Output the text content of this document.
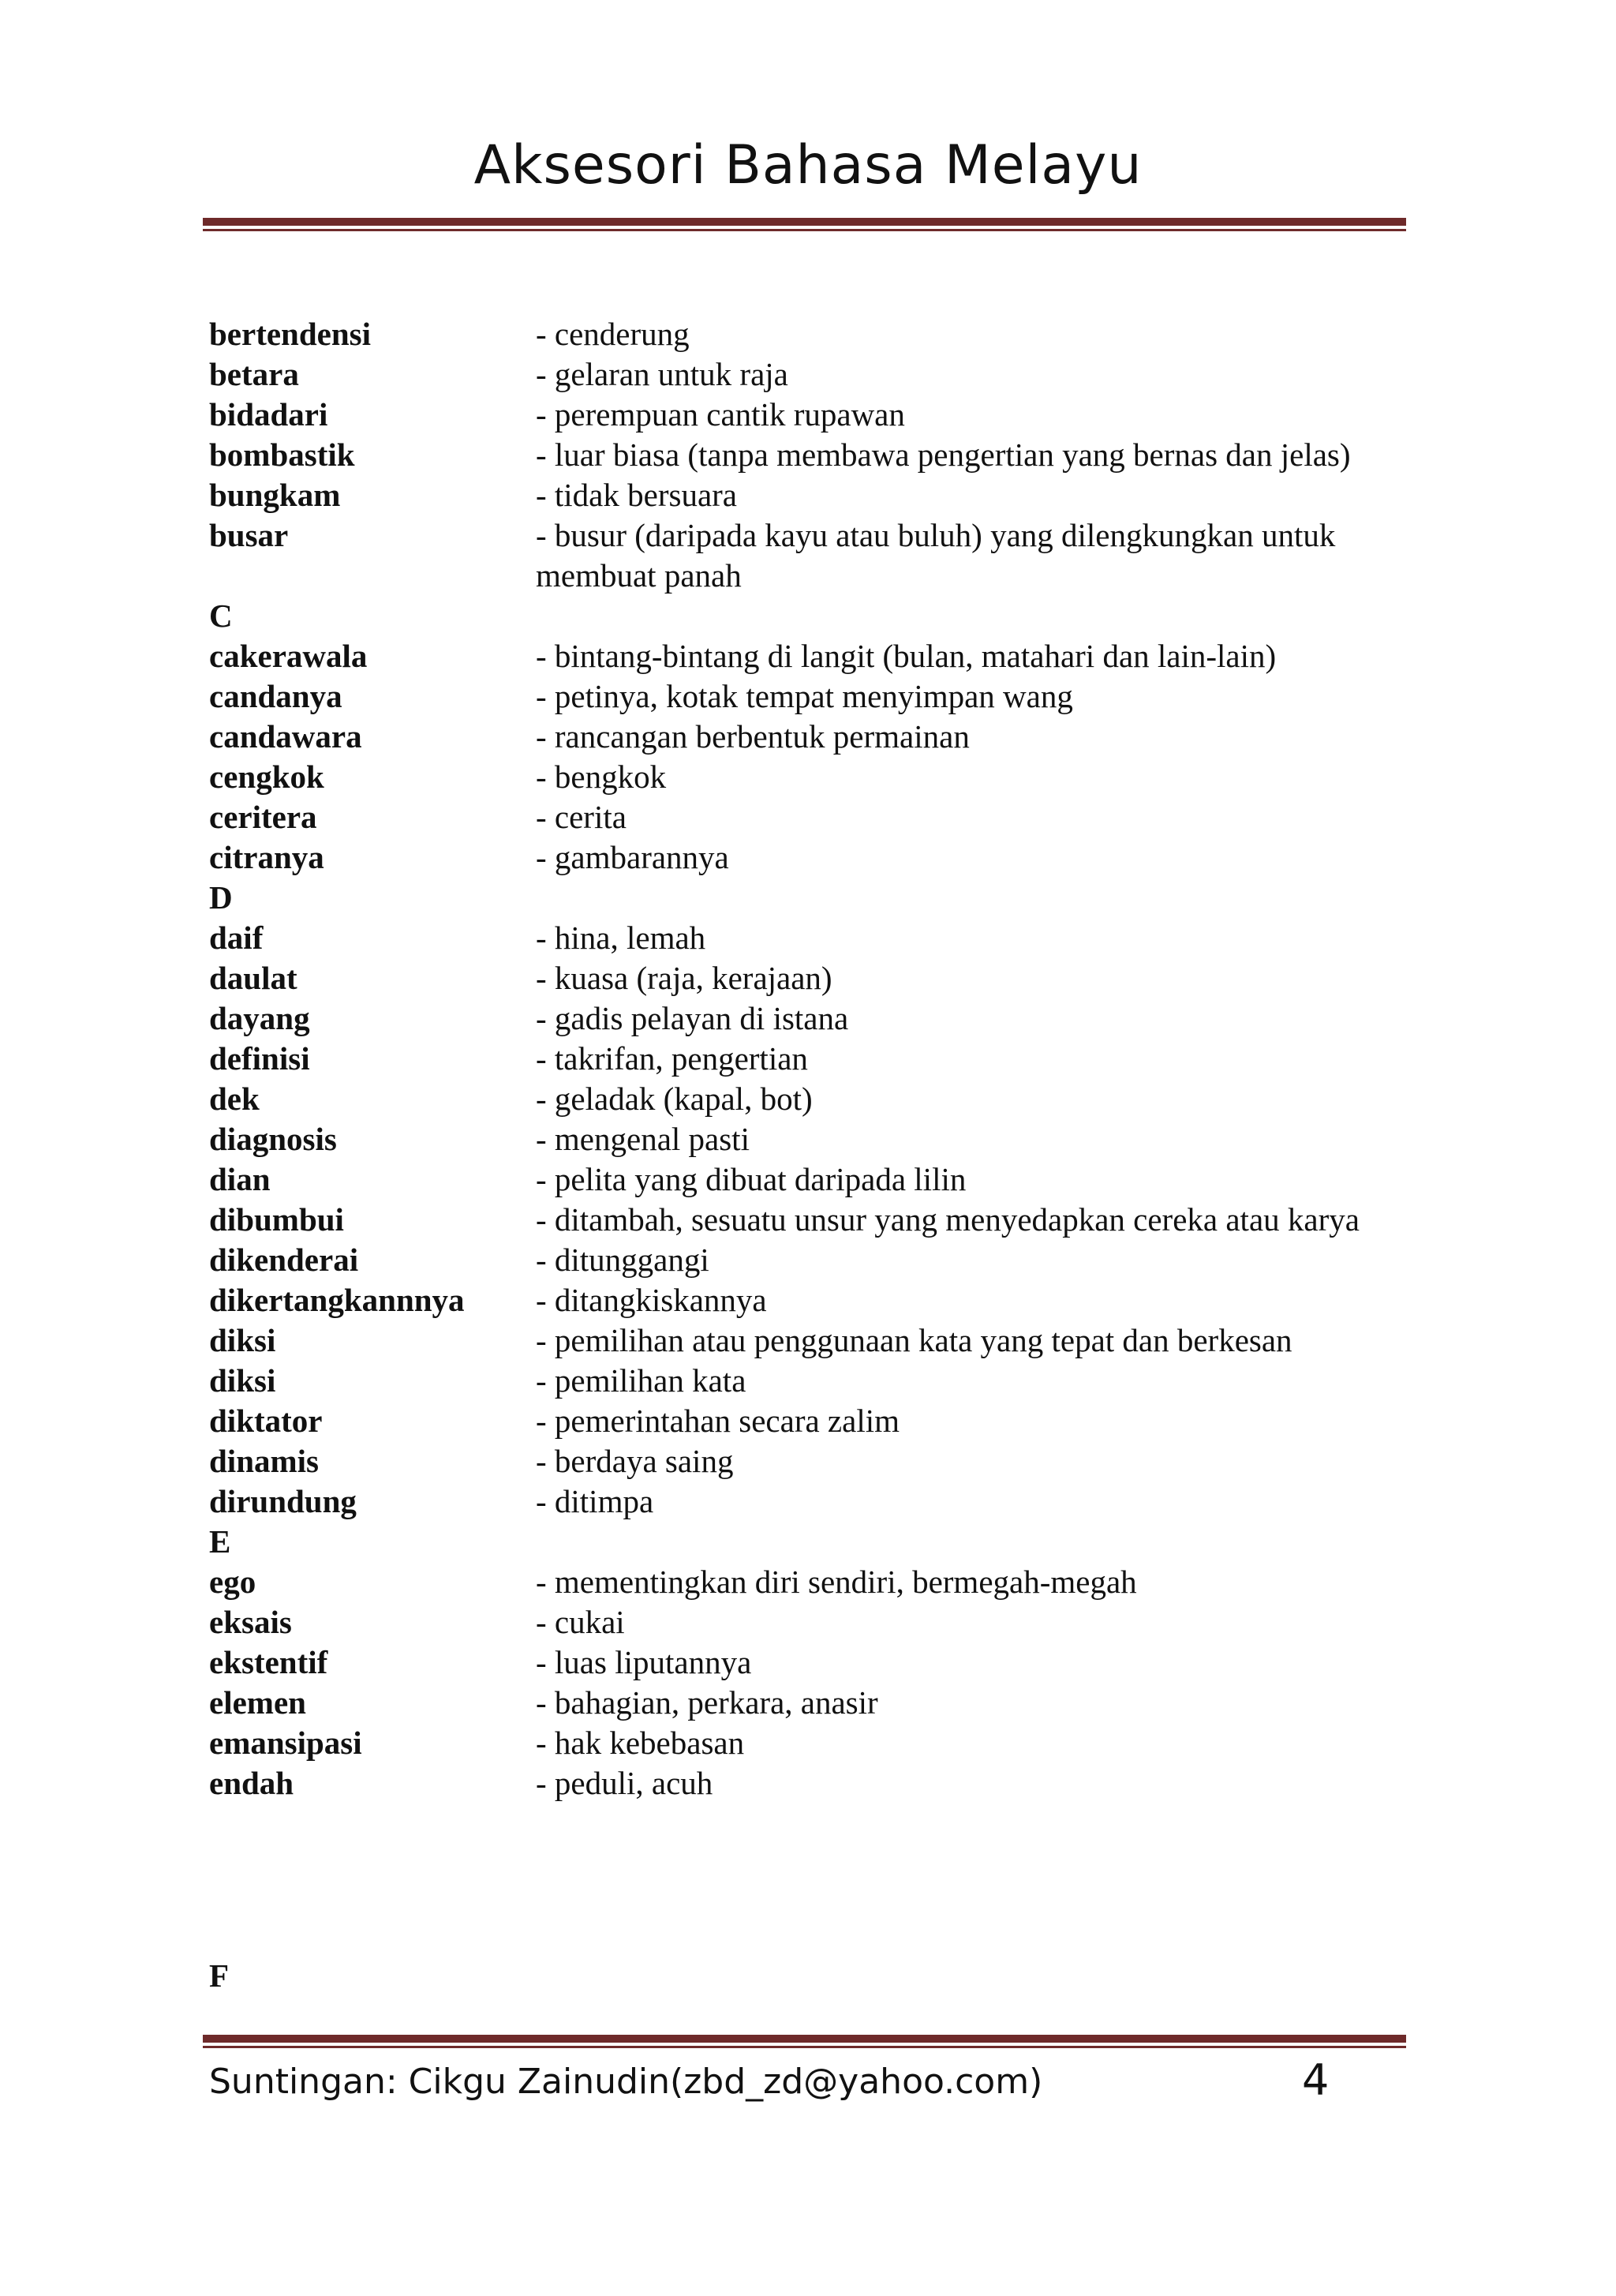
Aksesori Bahasa Melayu
bertendensi	- cenderung
betara	- gelaran untuk raja
bidadari	- perempuan cantik rupawan
bombastik	- luar biasa (tanpa membawa pengertian yang bernas dan jelas)
bungkam	- tidak bersuara
busar	- busur (daripada kayu atau buluh) yang dilengkungkan untuk membuat panah
C
cakerawala	- bintang-bintang di langit (bulan, matahari dan lain-lain)
candanya	- petinya, kotak tempat menyimpan wang
candawara	- rancangan berbentuk permainan
cengkok	- bengkok
ceritera	- cerita
citranya	- gambarannya
D
daif	- hina, lemah
daulat	- kuasa (raja, kerajaan)
dayang	- gadis pelayan di istana
definisi	- takrifan, pengertian
dek	- geladak (kapal, bot)
diagnosis	- mengenal pasti
dian	- pelita yang dibuat daripada lilin
dibumbui	- ditambah, sesuatu unsur yang menyedapkan cereka atau karya
dikenderai	- ditunggangi
dikertangkannnya	- ditangkiskannya
diksi	- pemilihan atau penggunaan kata yang tepat dan berkesan
diksi	- pemilihan kata
diktator	- pemerintahan secara zalim
dinamis	- berdaya saing
dirundung	- ditimpa
E
ego	- mementingkan diri sendiri, bermegah-megah
eksais	- cukai
ekstentif	- luas liputannya
elemen	- bahagian, perkara, anasir
emansipasi	- hak kebebasan
endah	- peduli, acuh
F
Suntingan: Cikgu Zainudin(zbd_zd@yahoo.com)	4
